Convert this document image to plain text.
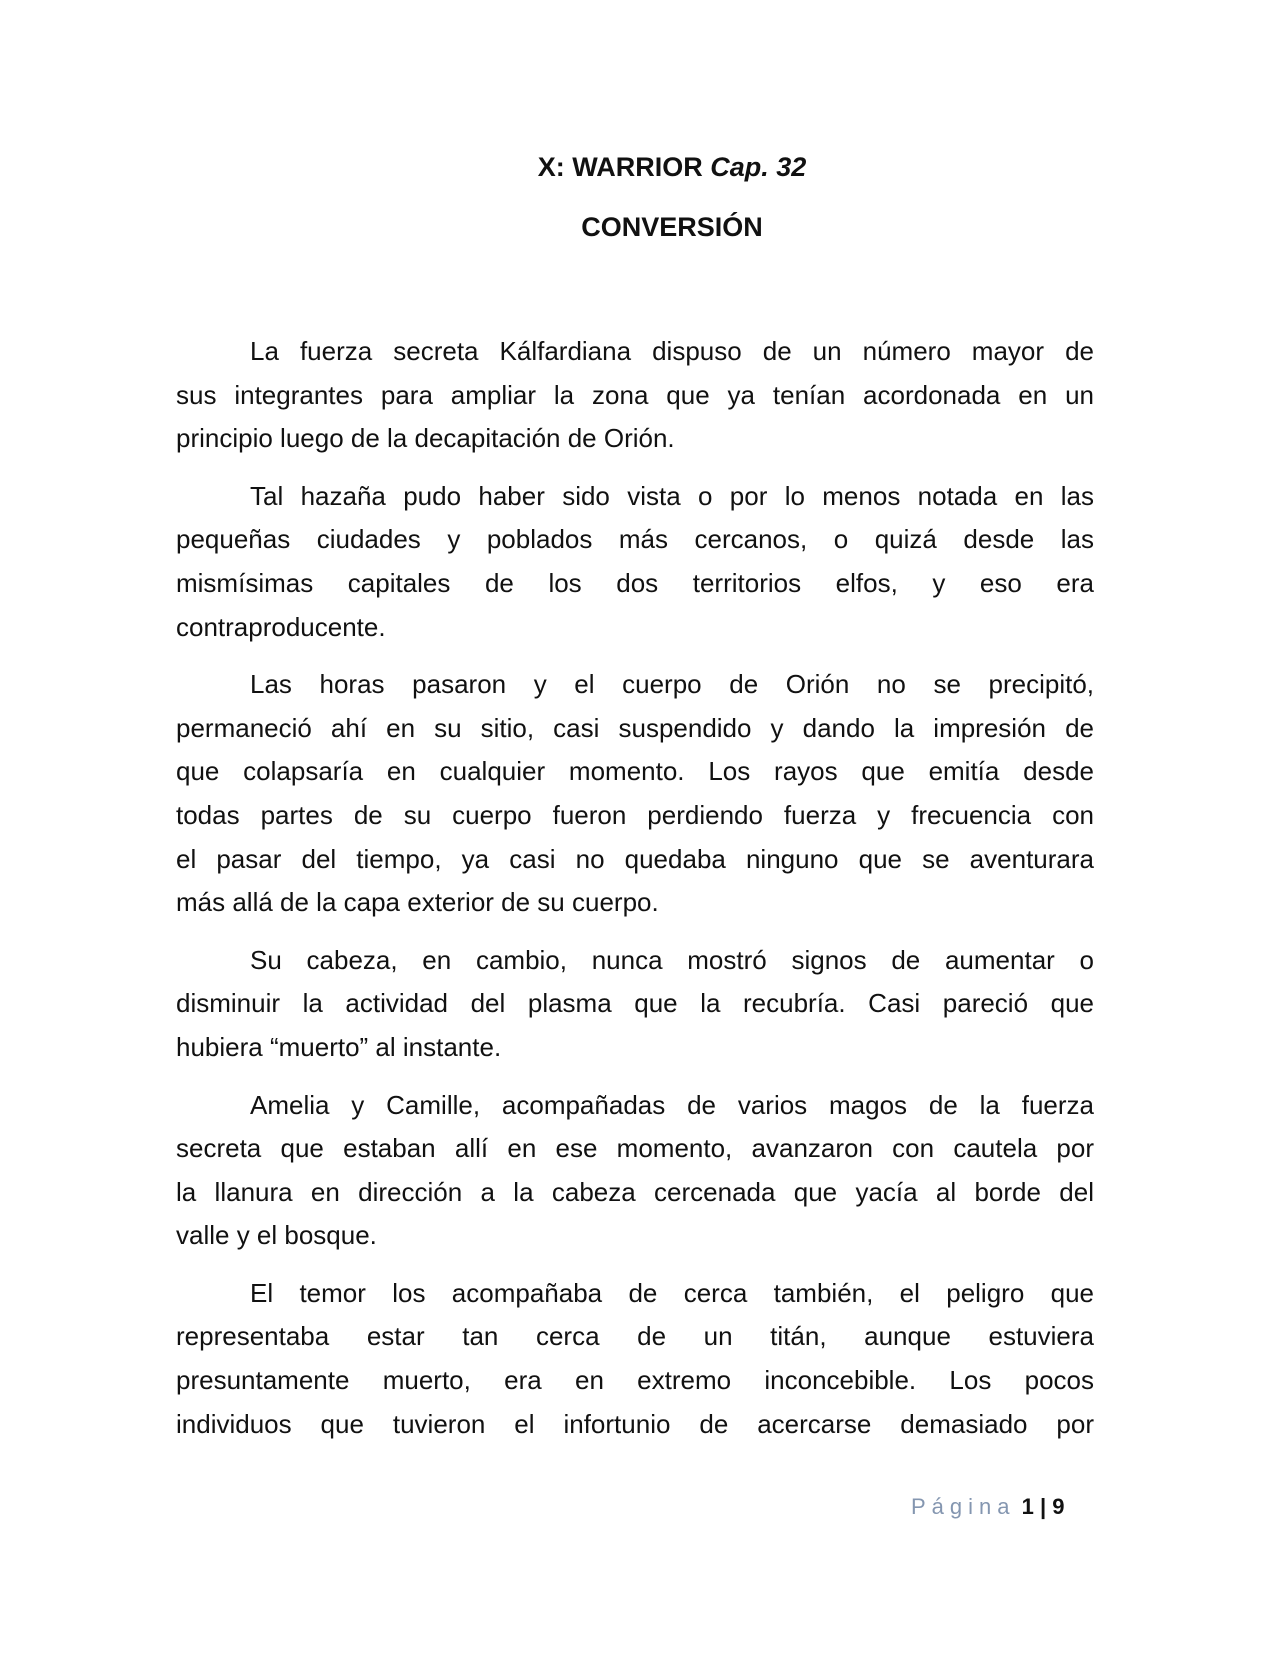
X: WARRIOR Cap. 32
CONVERSIÓN
La fuerza secreta Kálfardiana dispuso de un número mayor de
sus integrantes para ampliar la zona que ya tenían acordonada en un
principio luego de la decapitación de Orión.
Tal hazaña pudo haber sido vista o por lo menos notada en las
pequeñas ciudades y poblados más cercanos, o quizá desde las
mismísimas capitales de los dos territorios elfos, y eso era
contraproducente.
Las horas pasaron y el cuerpo de Orión no se precipitó,
permaneció ahí en su sitio, casi suspendido y dando la impresión de
que colapsaría en cualquier momento. Los rayos que emitía desde
todas partes de su cuerpo fueron perdiendo fuerza y frecuencia con
el pasar del tiempo, ya casi no quedaba ninguno que se aventurara
más allá de la capa exterior de su cuerpo.
Su cabeza, en cambio, nunca mostró signos de aumentar o
disminuir la actividad del plasma que la recubría. Casi pareció que
hubiera “muerto” al instante.
Amelia y Camille, acompañadas de varios magos de la fuerza
secreta que estaban allí en ese momento, avanzaron con cautela por
la llanura en dirección a la cabeza cercenada que yacía al borde del
valle y el bosque.
El temor los acompañaba de cerca también, el peligro que
representaba estar tan cerca de un titán, aunque estuviera
presuntamente muerto, era en extremo inconcebible. Los pocos
individuos que tuvieron el infortunio de acercarse demasiado por
Página 1 | 9
